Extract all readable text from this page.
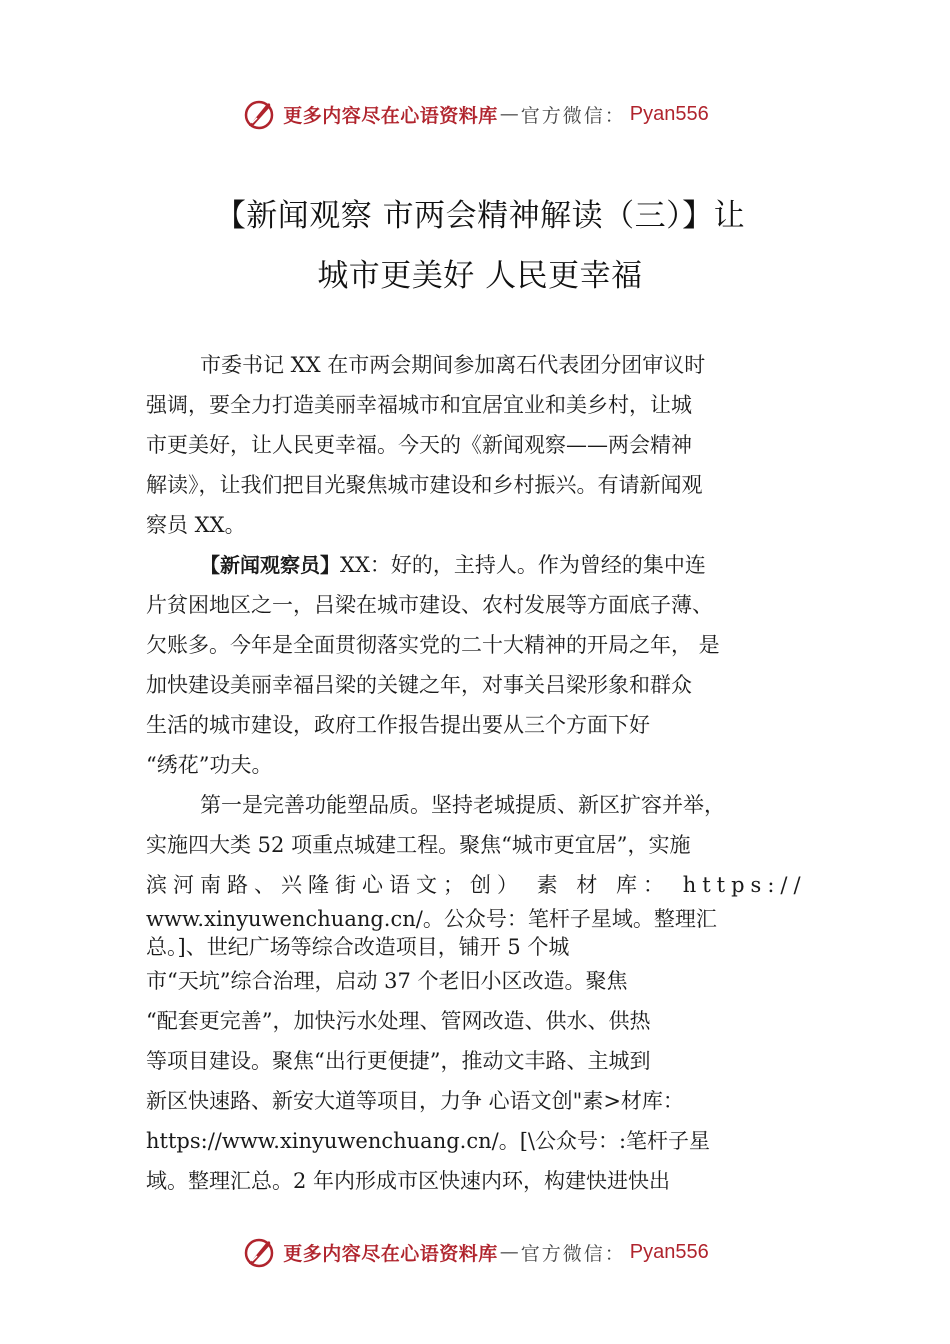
更多内容尽在心语资料库 — 官方微信： Pyan556
【新闻观察 市两会精神解读（三）】让
城市更美好 人民更幸福
市委书记 XX 在市两会期间参加离石代表团分团审议时
强调，要全力打造美丽幸福城市和宜居宜业和美乡村，让城
市更美好，让人民更幸福。今天的《新闻观察——两会精神
解读》，让我们把目光聚焦城市建设和乡村振兴。有请新闻观
察员 XX。
【新闻观察员】XX：好的，主持人。作为曾经的集中连
片贫困地区之一，吕梁在城市建设、农村发展等方面底子薄、
欠账多。今年是全面贯彻落实党的二十大精神的开局之年， 是
加快建设美丽幸福吕梁的关键之年，对事关吕梁形象和群众
生活的城市建设，政府工作报告提出要从三个方面下好
“绣花”功夫。
第一是完善功能塑品质。坚持老城提质、新区扩容并举，
实施四大类 52 项重点城建工程。聚焦“城市更宜居”，实施
滨河南路、兴隆街心语文；创） 素 材 库： https://
www.xinyuwenchuang.cn/。公众号：笔杆子星域。整理汇
总。]、世纪广场等综合改造项目，铺开 5 个城
市“天坑”综合治理，启动 37 个老旧小区改造。聚焦
“配套更完善”，加快污水处理、管网改造、供水、供热
等项目建设。聚焦“出行更便捷”，推动文丰路、主城到
新区快速路、新安大道等项目，力争 心语文创"素>材库：
https://www.xinyuwenchuang.cn/。[\公众号：:笔杆子星
域。整理汇总。2 年内形成市区快速内环，构建快进快出
更多内容尽在心语资料库 — 官方微信： Pyan556
